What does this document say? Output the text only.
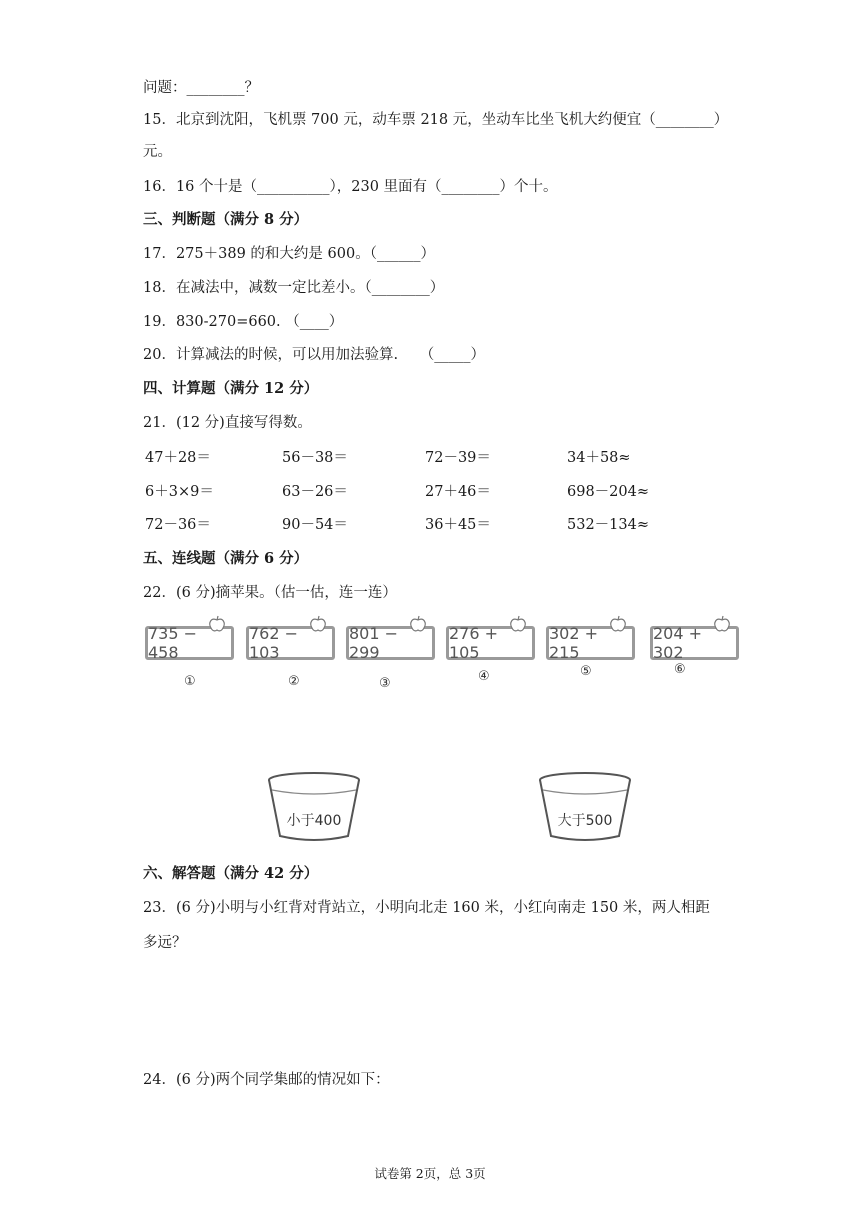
问题：________？
15．北京到沈阳，飞机票 700 元，动车票 218 元，坐动车比坐飞机大约便宜（________）
元。
16．16 个十是（__________），230 里面有（________）个十。
三、判断题（满分 8 分）
17．275＋389 的和大约是 600。（______）
18．在减法中，减数一定比差小。（________）
19．830-270=660. （____）
20．计算减法的时候，可以用加法验算.　　（_____）
四、计算题（满分 12 分）
21．(12 分)直接写得数。
47＋28＝	56－38＝	72－39＝	34＋58≈
6＋3×9＝	63－26＝	27＋46＝	698－204≈
72－36＝	90－54＝	36＋45＝	532－134≈
五、连线题（满分 6 分）
22．(6 分)摘苹果。（估一估，连一连）
735 − 458
762 − 103
801 − 299
276 + 105
302 + 215
204 + 302
①	②	③	④	⑤	⑥
小于400	大于500
六、解答题（满分 42 分）
23．(6 分)小明与小红背对背站立，小明向北走 160 米，小红向南走 150 米，两人相距
多远？
24．(6 分)两个同学集邮的情况如下：
试卷第 2页，总 3页
